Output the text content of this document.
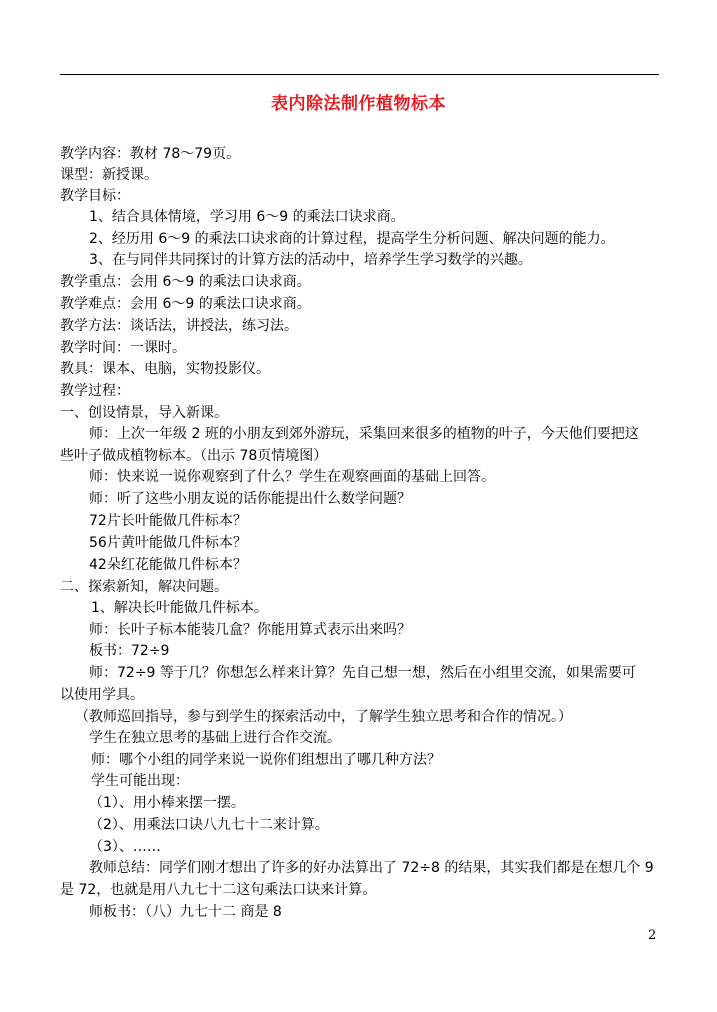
表内除法制作植物标本
教学内容：教材 78～79页。
课型：新授课。
教学目标：
1、结合具体情境，学习用 6～9 的乘法口诀求商。
2、经历用 6～9 的乘法口诀求商的计算过程，提高学生分析问题、解决问题的能力。
3、在与同伴共同探讨的计算方法的活动中，培养学生学习数学的兴趣。
教学重点：会用 6～9 的乘法口诀求商。
教学难点：会用 6～9 的乘法口诀求商。
教学方法：谈话法，讲授法，练习法。
教学时间：一课时。
教具：课本、电脑，实物投影仪。
教学过程：
一、创设情景，导入新课。
师：上次一年级 2 班的小朋友到郊外游玩，采集回来很多的植物的叶子，今天他们要把这
些叶子做成植物标本。（出示 78页情境图）
师：快来说一说你观察到了什么？学生在观察画面的基础上回答。
师：听了这些小朋友说的话你能提出什么数学问题？
72片长叶能做几件标本？
56片黄叶能做几件标本？
42朵红花能做几件标本？
二、探索新知，解决问题。
1、解决长叶能做几件标本。
师：长叶子标本能装几盒？你能用算式表示出来吗？
板书：72÷9
师：72÷9 等于几？你想怎么样来计算？先自己想一想，然后在小组里交流，如果需要可
以使用学具。
（教师巡回指导，参与到学生的探索活动中，了解学生独立思考和合作的情况。）
学生在独立思考的基础上进行合作交流。
师：哪个小组的同学来说一说你们组想出了哪几种方法？
学生可能出现：
（1）、用小棒来摆一摆。
（2）、用乘法口诀八九七十二来计算。
（3）、……
教师总结：同学们刚才想出了许多的好办法算出了 72÷8 的结果，其实我们都是在想几个 9
是 72，也就是用八九七十二这句乘法口诀来计算。
师板书：（八）九七十二 商是 8
2
